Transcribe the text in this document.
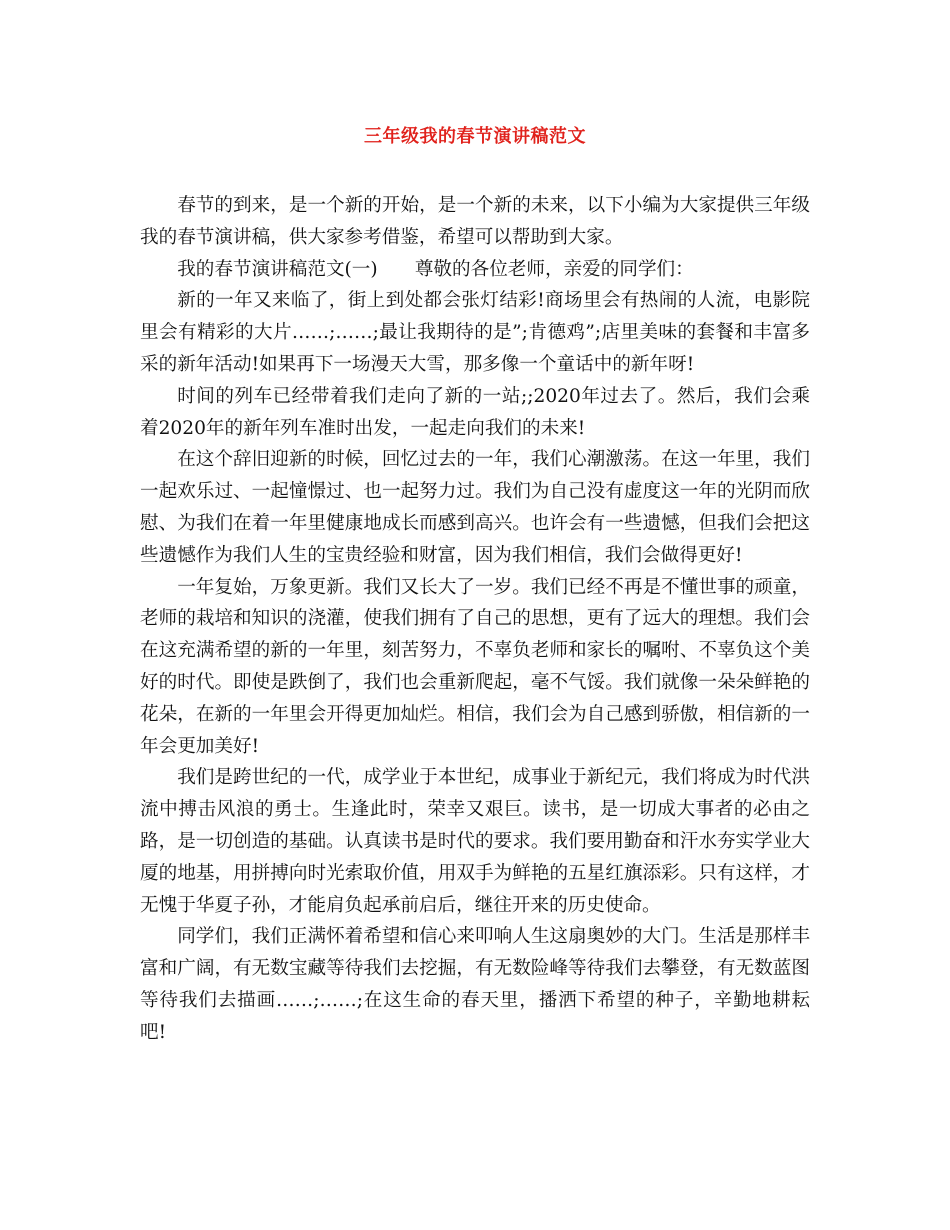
三年级我的春节演讲稿范文

春节的到来，是一个新的开始，是一个新的未来，以下小编为大家提供三年级我的春节演讲稿，供大家参考借鉴，希望可以帮助到大家。

我的春节演讲稿范文(一)　　尊敬的各位老师，亲爱的同学们：

新的一年又来临了，街上到处都会张灯结彩!商场里会有热闹的人流，电影院里会有精彩的大片……;……;最让我期待的是”;肯德鸡”;店里美味的套餐和丰富多采的新年活动!如果再下一场漫天大雪，那多像一个童话中的新年呀!

时间的列车已经带着我们走向了新的一站;;2020年过去了。然后，我们会乘着2020年的新年列车准时出发，一起走向我们的未来!

在这个辞旧迎新的时候，回忆过去的一年，我们心潮激荡。在这一年里，我们一起欢乐过、一起憧憬过、也一起努力过。我们为自己没有虚度这一年的光阴而欣慰、为我们在着一年里健康地成长而感到高兴。也许会有一些遗憾，但我们会把这些遗憾作为我们人生的宝贵经验和财富，因为我们相信，我们会做得更好!

一年复始，万象更新。我们又长大了一岁。我们已经不再是不懂世事的顽童，老师的栽培和知识的浇灌，使我们拥有了自己的思想，更有了远大的理想。我们会在这充满希望的新的一年里，刻苦努力，不辜负老师和家长的嘱咐、不辜负这个美好的时代。即使是跌倒了，我们也会重新爬起，毫不气馁。我们就像一朵朵鲜艳的花朵，在新的一年里会开得更加灿烂。相信，我们会为自己感到骄傲，相信新的一年会更加美好!

我们是跨世纪的一代，成学业于本世纪，成事业于新纪元，我们将成为时代洪流中搏击风浪的勇士。生逢此时，荣幸又艰巨。读书，是一切成大事者的必由之路，是一切创造的基础。认真读书是时代的要求。我们要用勤奋和汗水夯实学业大厦的地基，用拼搏向时光索取价值，用双手为鲜艳的五星红旗添彩。只有这样，才无愧于华夏子孙，才能肩负起承前启后，继往开来的历史使命。

同学们，我们正满怀着希望和信心来叩响人生这扇奥妙的大门。生活是那样丰富和广阔，有无数宝藏等待我们去挖掘，有无数险峰等待我们去攀登，有无数蓝图等待我们去描画……;……;在这生命的春天里，播洒下希望的种子，辛勤地耕耘吧!
